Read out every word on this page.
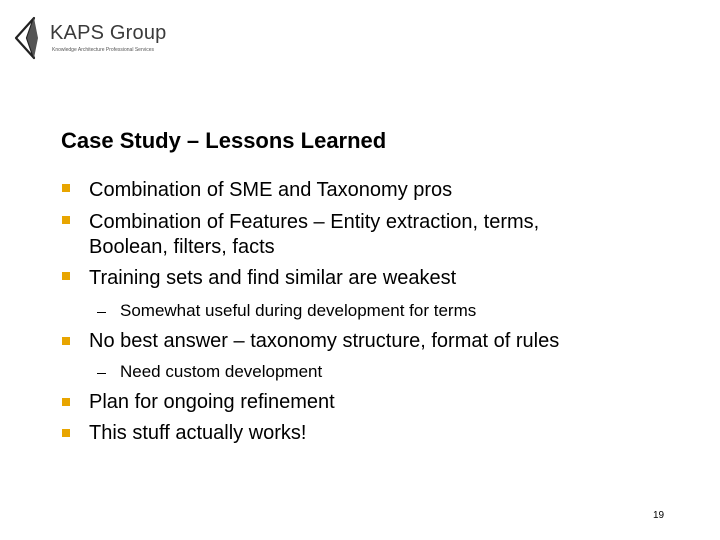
KAPS Group
Knowledge Architecture Professional Services
Case Study – Lessons Learned
Combination of SME and Taxonomy pros
Combination of Features – Entity extraction, terms,
Boolean, filters, facts
Training sets and find similar are weakest
Somewhat useful during development for terms
No best answer – taxonomy structure, format of rules
Need custom development
Plan for ongoing refinement
This stuff actually works!
19
